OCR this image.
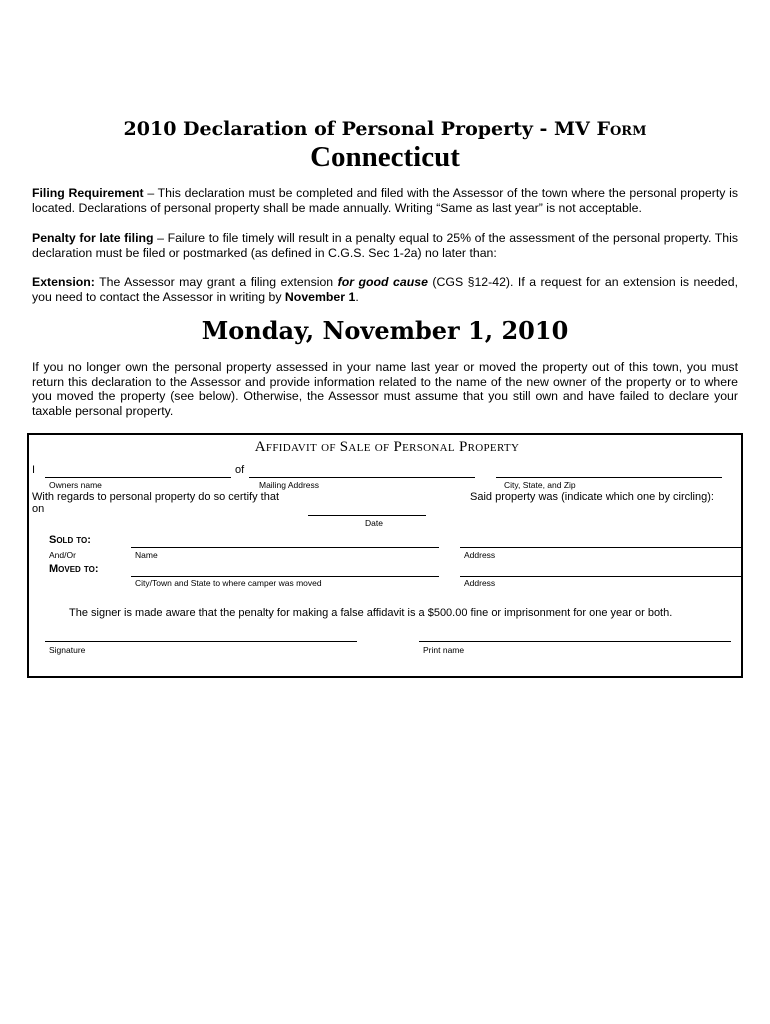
2010 Declaration of Personal Property - MV Form
Connecticut
Filing Requirement – This declaration must be completed and filed with the Assessor of the town where the personal property is located. Declarations of personal property shall be made annually. Writing “Same as last year” is not acceptable.
Penalty for late filing – Failure to file timely will result in a penalty equal to 25% of the assessment of the personal property. This declaration must be filed or postmarked (as defined in C.G.S. Sec 1-2a) no later than:
Extension: The Assessor may grant a filing extension for good cause (CGS §12-42). If a request for an extension is needed, you need to contact the Assessor in writing by November 1.
Monday, November 1, 2010
If you no longer own the personal property assessed in your name last year or moved the property out of this town, you must return this declaration to the Assessor and provide information related to the name of the new owner of the property or to where you moved the property (see below). Otherwise, the Assessor must assume that you still own and have failed to declare your taxable personal property.
Affidavit of Sale of Personal Property
I	of
Owners name	Mailing Address	City, State, and Zip
With regards to personal property do so certify that
on
Said property was (indicate which one by circling):
Date
Sold to:
And/Or	Name	Address
Moved to:
City/Town and State to where camper was moved	Address
The signer is made aware that the penalty for making a false affidavit is a $500.00 fine or imprisonment for one year or both.
Signature	Print name
